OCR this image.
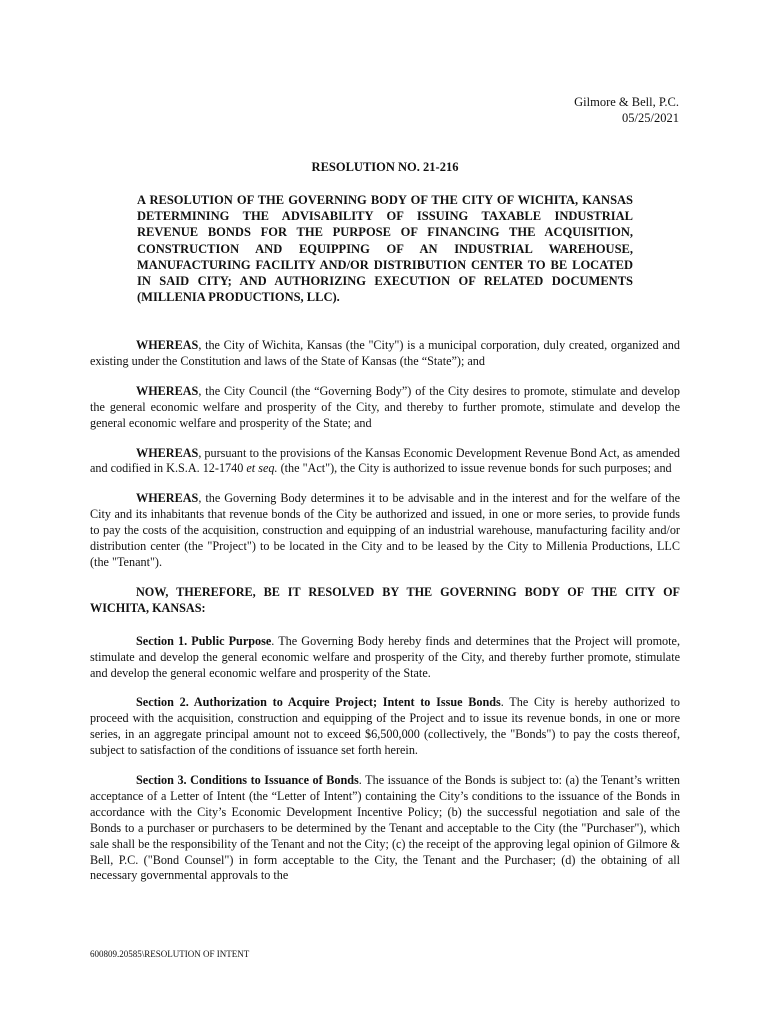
Gilmore & Bell, P.C.
05/25/2021
RESOLUTION NO. 21-216
A RESOLUTION OF THE GOVERNING BODY OF THE CITY OF WICHITA, KANSAS DETERMINING THE ADVISABILITY OF ISSUING TAXABLE INDUSTRIAL REVENUE BONDS FOR THE PURPOSE OF FINANCING THE ACQUISITION, CONSTRUCTION AND EQUIPPING OF AN INDUSTRIAL WAREHOUSE, MANUFACTURING FACILITY AND/OR DISTRIBUTION CENTER TO BE LOCATED IN SAID CITY; AND AUTHORIZING EXECUTION OF RELATED DOCUMENTS (MILLENIA PRODUCTIONS, LLC).

WHEREAS, the City of Wichita, Kansas (the "City") is a municipal corporation, duly created, organized and existing under the Constitution and laws of the State of Kansas (the “State”); and

WHEREAS, the City Council (the “Governing Body”) of the City desires to promote, stimulate and develop the general economic welfare and prosperity of the City, and thereby to further promote, stimulate and develop the general economic welfare and prosperity of the State; and

WHEREAS, pursuant to the provisions of the Kansas Economic Development Revenue Bond Act, as amended and codified in K.S.A. 12-1740 et seq. (the "Act"), the City is authorized to issue revenue bonds for such purposes; and

WHEREAS, the Governing Body determines it to be advisable and in the interest and for the welfare of the City and its inhabitants that revenue bonds of the City be authorized and issued, in one or more series, to provide funds to pay the costs of the acquisition, construction and equipping of an industrial warehouse, manufacturing facility and/or distribution center (the "Project") to be located in the City and to be leased by the City to Millenia Productions, LLC (the "Tenant").

NOW, THEREFORE, BE IT RESOLVED BY THE GOVERNING BODY OF THE CITY OF WICHITA, KANSAS:

Section 1. Public Purpose. The Governing Body hereby finds and determines that the Project will promote, stimulate and develop the general economic welfare and prosperity of the City, and thereby further promote, stimulate and develop the general economic welfare and prosperity of the State.

Section 2. Authorization to Acquire Project; Intent to Issue Bonds. The City is hereby authorized to proceed with the acquisition, construction and equipping of the Project and to issue its revenue bonds, in one or more series, in an aggregate principal amount not to exceed $6,500,000 (collectively, the "Bonds") to pay the costs thereof, subject to satisfaction of the conditions of issuance set forth herein.

Section 3. Conditions to Issuance of Bonds. The issuance of the Bonds is subject to: (a) the Tenant’s written acceptance of a Letter of Intent (the “Letter of Intent”) containing the City’s conditions to the issuance of the Bonds in accordance with the City’s Economic Development Incentive Policy; (b) the successful negotiation and sale of the Bonds to a purchaser or purchasers to be determined by the Tenant and acceptable to the City (the "Purchaser"), which sale shall be the responsibility of the Tenant and not the City; (c) the receipt of the approving legal opinion of Gilmore & Bell, P.C. ("Bond Counsel") in form acceptable to the City, the Tenant and the Purchaser; (d) the obtaining of all necessary governmental approvals to the

600809.20585\RESOLUTION OF INTENT
